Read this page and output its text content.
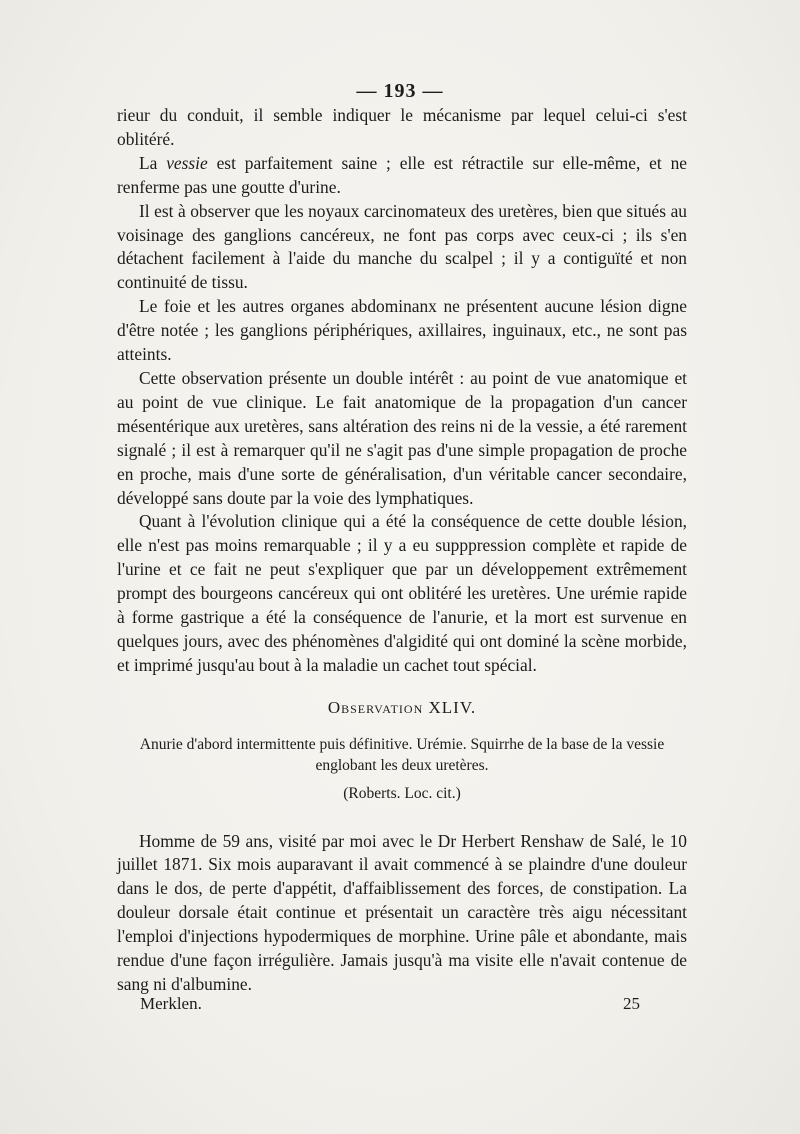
— 193 —

rieur du conduit, il semble indiquer le mécanisme par lequel celui-ci s'est oblitéré.

La vessie est parfaitement saine ; elle est rétractile sur elle-même, et ne renferme pas une goutte d'urine.

Il est à observer que les noyaux carcinomateux des uretères, bien que situés au voisinage des ganglions cancéreux, ne font pas corps avec ceux-ci ; ils s'en détachent facilement à l'aide du manche du scalpel ; il y a contiguïté et non continuité de tissu.

Le foie et les autres organes abdominanx ne présentent aucune lésion digne d'être notée ; les ganglions périphériques, axillaires, inguinaux, etc., ne sont pas atteints.

Cette observation présente un double intérêt : au point de vue anatomique et au point de vue clinique. Le fait anatomique de la propagation d'un cancer mésentérique aux uretères, sans altération des reins ni de la vessie, a été rarement signalé ; il est à remarquer qu'il ne s'agit pas d'une simple propagation de proche en proche, mais d'une sorte de généralisation, d'un véritable cancer secondaire, développé sans doute par la voie des lymphatiques.

Quant à l'évolution clinique qui a été la conséquence de cette double lésion, elle n'est pas moins remarquable ; il y a eu supppression complète et rapide de l'urine et ce fait ne peut s'expliquer que par un développement extrêmement prompt des bourgeons cancéreux qui ont oblitéré les uretères. Une urémie rapide à forme gastrique a été la conséquence de l'anurie, et la mort est survenue en quelques jours, avec des phénomènes d'algidité qui ont dominé la scène morbide, et imprimé jusqu'au bout à la maladie un cachet tout spécial.

Observation XLIV.

Anurie d'abord intermittente puis définitive. Urémie. Squirrhe de la base de la vessie englobant les deux uretères.

(Roberts. Loc. cit.)

Homme de 59 ans, visité par moi avec le Dr Herbert Renshaw de Salé, le 10 juillet 1871. Six mois auparavant il avait commencé à se plaindre d'une douleur dans le dos, de perte d'appétit, d'affaiblissement des forces, de constipation. La douleur dorsale était continue et présentait un caractère très aigu nécessitant l'emploi d'injections hypodermiques de morphine. Urine pâle et abondante, mais rendue d'une façon irrégulière. Jamais jusqu'à ma visite elle n'avait contenue de sang ni d'albumine.

Merklen.	25
